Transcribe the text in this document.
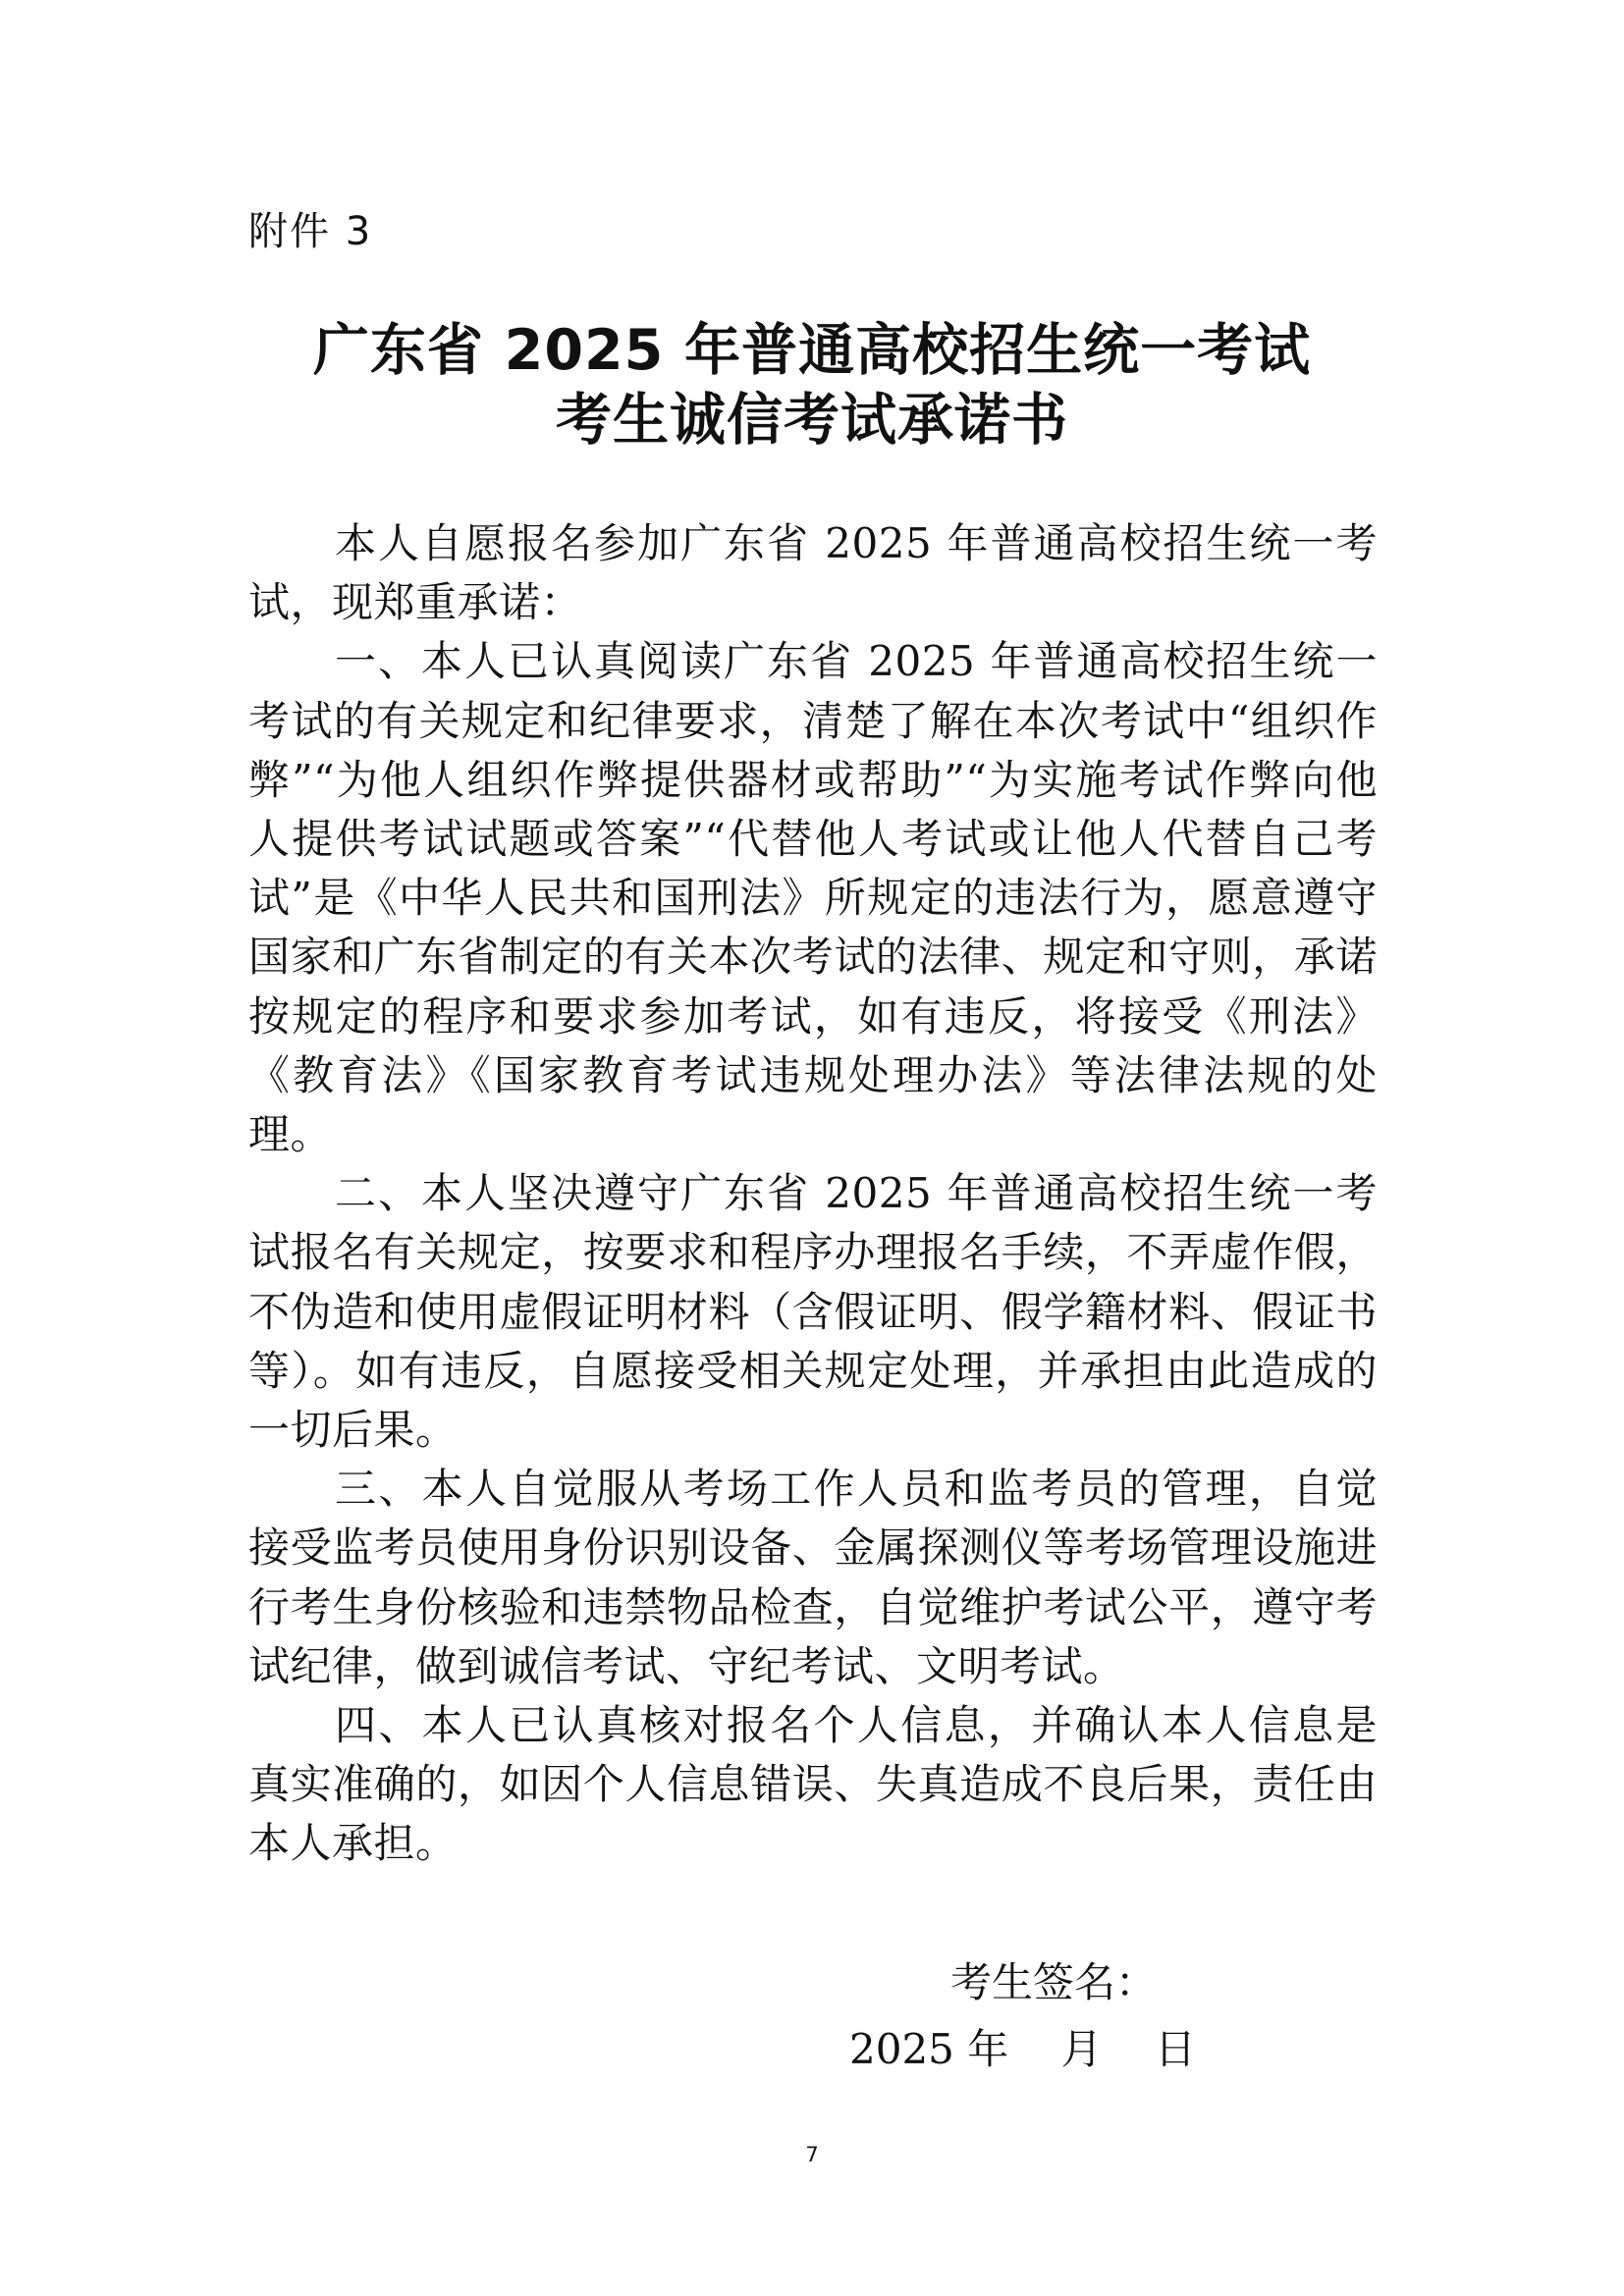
附件 3

广东省 2025 年普通高校招生统一考试
考生诚信考试承诺书

本人自愿报名参加广东省 2025 年普通高校招生统一考试，现郑重承诺：

一、本人已认真阅读广东省 2025 年普通高校招生统一考试的有关规定和纪律要求，清楚了解在本次考试中“组织作弊”“为他人组织作弊提供器材或帮助”“为实施考试作弊向他人提供考试试题或答案”“代替他人考试或让他人代替自己考试”是《中华人民共和国刑法》所规定的违法行为，愿意遵守国家和广东省制定的有关本次考试的法律、规定和守则，承诺按规定的程序和要求参加考试，如有违反，将接受《刑法》《教育法》《国家教育考试违规处理办法》等法律法规的处理。

二、本人坚决遵守广东省 2025 年普通高校招生统一考试报名有关规定，按要求和程序办理报名手续，不弄虚作假，不伪造和使用虚假证明材料（含假证明、假学籍材料、假证书等）。如有违反，自愿接受相关规定处理，并承担由此造成的一切后果。

三、本人自觉服从考场工作人员和监考员的管理，自觉接受监考员使用身份识别设备、金属探测仪等考场管理设施进行考生身份核验和违禁物品检查，自觉维护考试公平，遵守考试纪律，做到诚信考试、守纪考试、文明考试。

四、本人已认真核对报名个人信息，并确认本人信息是真实准确的，如因个人信息错误、失真造成不良后果，责任由本人承担。

考生签名：

2025 年    月    日

7
